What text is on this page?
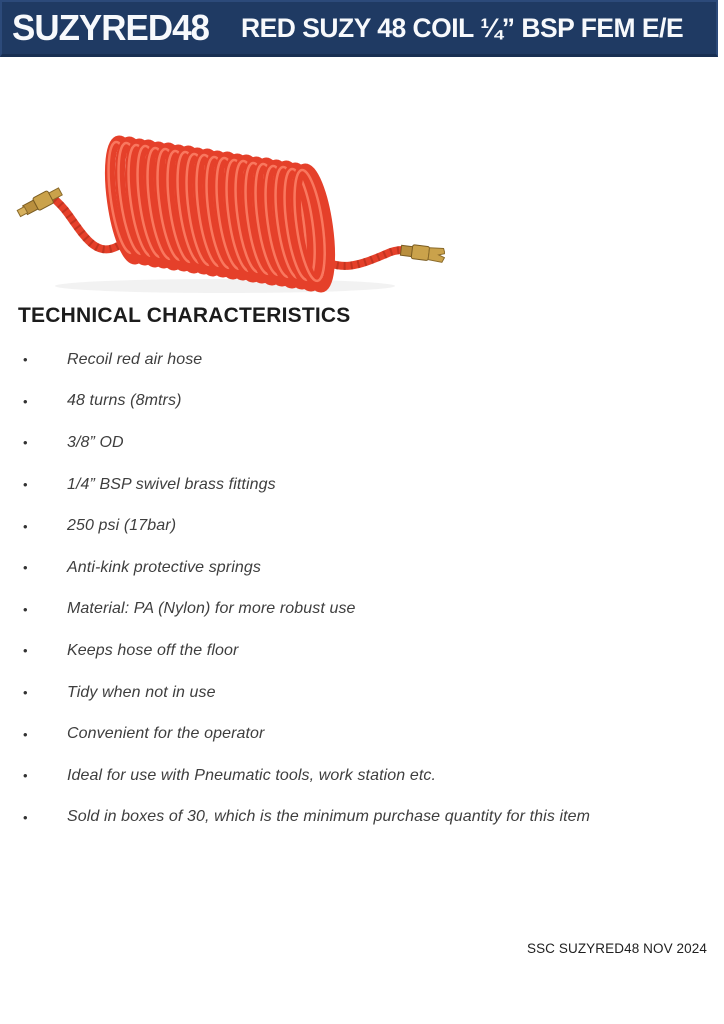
SUZYRED48 RED SUZY 48 COIL ¼” BSP FEM E/E
TECHNICAL CHARACTERISTICS
•	Recoil red air hose
•	48 turns (8mtrs)
•	3/8” OD
•	1/4” BSP swivel brass fittings
•	250 psi (17bar)
•	Anti-kink protective springs
•	Material: PA (Nylon) for more robust use
•	Keeps hose off the floor
•	Tidy when not in use
•	Convenient for the operator
•	Ideal for use with Pneumatic tools, work station etc.
•	Sold in boxes of 30, which is the minimum purchase quantity for this item
SSC SUZYRED48 NOV 2024
